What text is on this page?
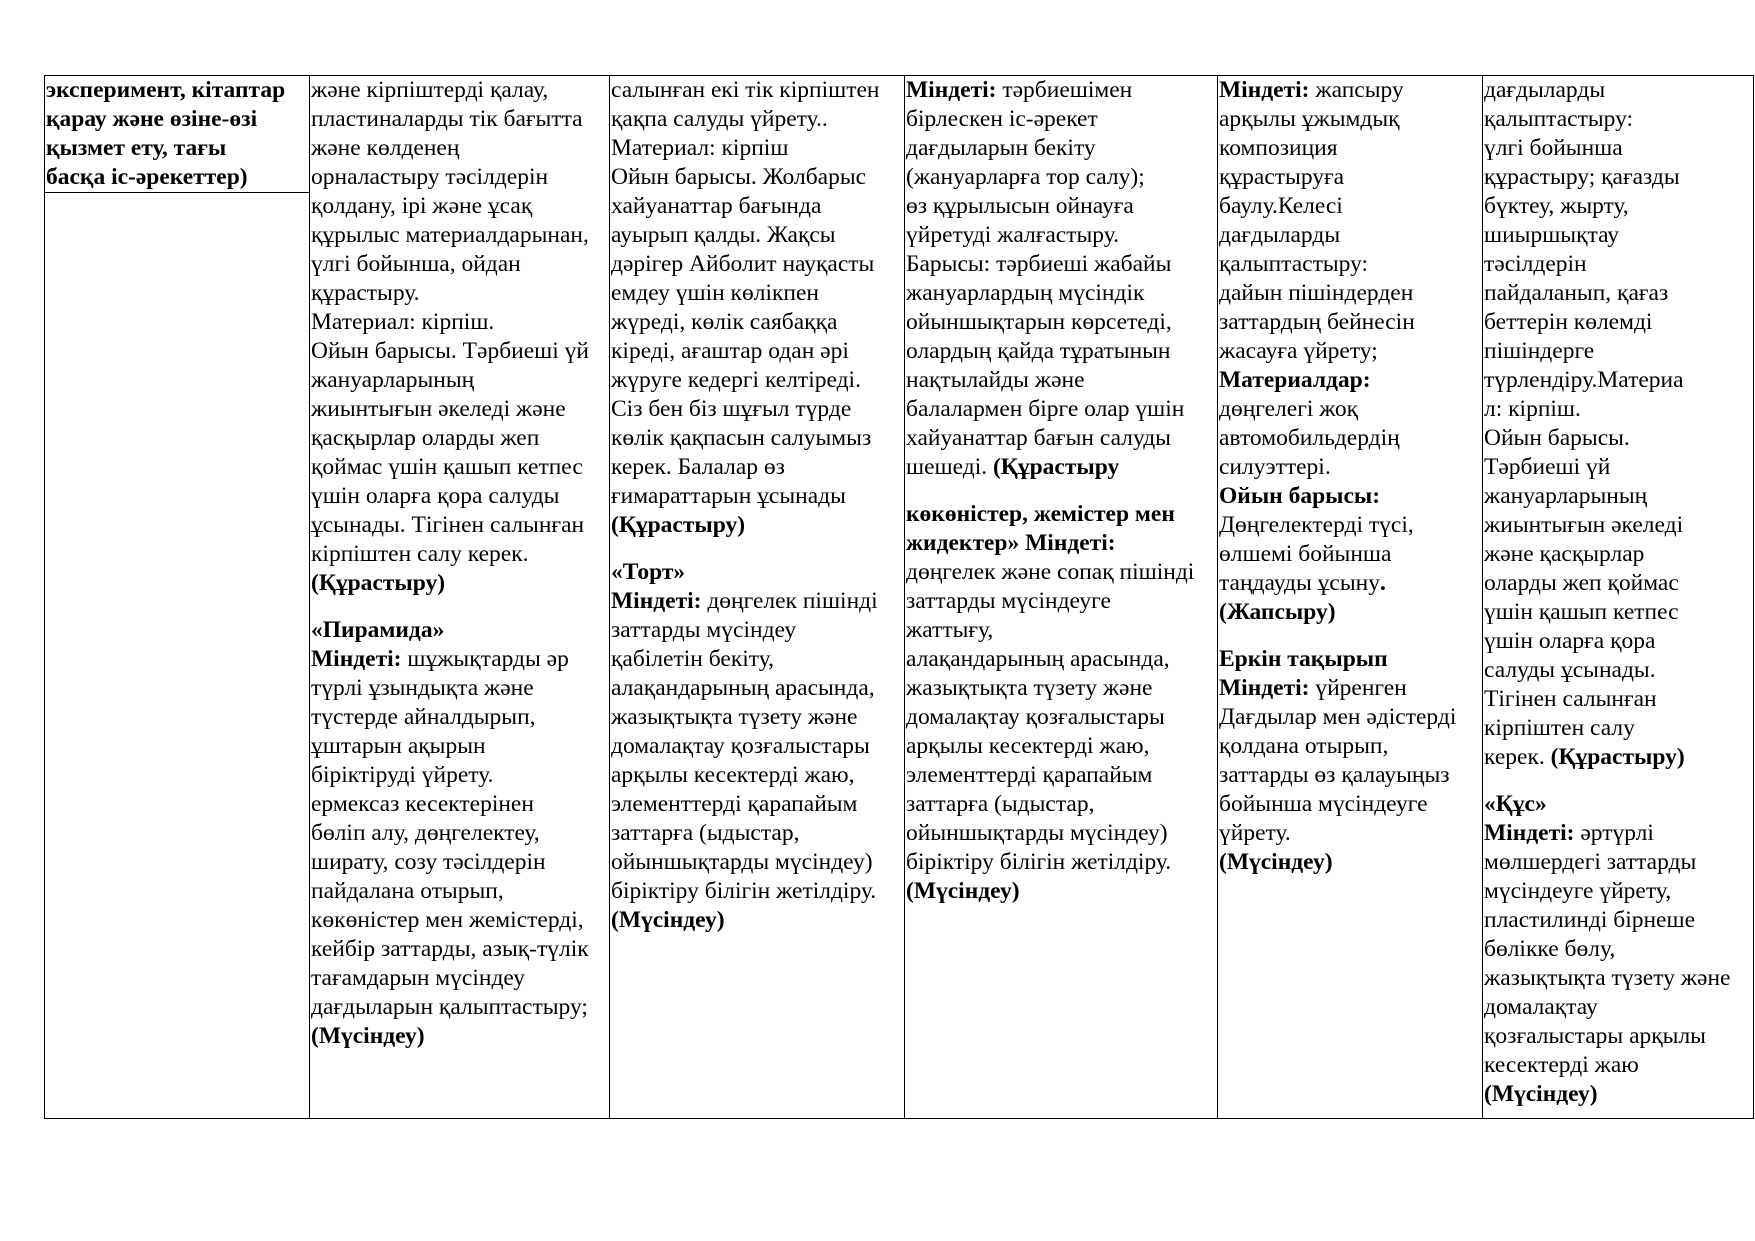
эксперимент, кітаптар
қарау және өзіне-өзі
қызмет ету, тағы
басқа іс-әрекеттер)

және кірпіштерді қалау,
пластиналарды тік бағытта
және көлденең
орналастыру тәсілдерін
қолдану, ірі және ұсақ
құрылыс материалдарынан,
үлгі бойынша, ойдан
құрастыру.
Материал: кірпіш.
Ойын барысы. Тәрбиеші үй
жануарларының
жиынтығын әкеледі және
қасқырлар оларды жеп
қоймас үшін қашып кетпес
үшін оларға қора салуды
ұсынады. Тігінен салынған
кірпіштен салу керек.
(Құрастыру)
«Пирамида»
Міндеті: шұжықтарды әр
түрлі ұзындықта және
түстерде айналдырып,
ұштарын ақырын
біріктіруді үйрету.
ермексаз кесектерінен
бөліп алу, дөңгелектеу,
ширату, созу тәсілдерін
пайдалана отырып,
көкөністер мен жемістерді,
кейбір заттарды, азық-түлік
тағамдарын мүсіндеу
дағдыларын қалыптастыру;
(Мүсіндеу)

салынған екі тік кірпіштен
қақпа салуды үйрету..
Материал: кірпіш
Ойын барысы. Жолбарыс
хайуанаттар бағында
ауырып қалды. Жақсы
дәрігер Айболит науқасты
емдеу үшін көлікпен
жүреді, көлік саябаққа
кіреді, ағаштар одан әрі
жүруге кедергі келтіреді.
Сіз бен біз шұғыл түрде
көлік қақпасын салуымыз
керек. Балалар өз
ғимараттарын ұсынады
(Құрастыру)
«Торт»
Міндеті: дөңгелек пішінді
заттарды мүсіндеу
қабілетін бекіту,
алақандарының арасында,
жазықтықта түзету және
домалақтау қозғалыстары
арқылы кесектерді жаю,
элементтерді қарапайым
заттарға (ыдыстар,
ойыншықтарды мүсіндеу)
біріктіру білігін жетілдіру.
(Мүсіндеу)

Міндеті: тәрбиешімен
бірлескен іс-әрекет
дағдыларын бекіту
(жануарларға тор салу);
өз құрылысын ойнауға
үйретуді жалғастыру.
Барысы: тәрбиеші жабайы
жануарлардың мүсіндік
ойыншықтарын көрсетеді,
олардың қайда тұратынын
нақтылайды және
балалармен бірге олар үшін
хайуанаттар бағын салуды
шешеді. (Құрастыру
көкөністер, жемістер мен
жидектер» Міндеті:
дөңгелек және сопақ пішінді
заттарды мүсіндеуге
жаттығу,
алақандарының арасында,
жазықтықта түзету және
домалақтау қозғалыстары
арқылы кесектерді жаю,
элементтерді қарапайым
заттарға (ыдыстар,
ойыншықтарды мүсіндеу)
біріктіру білігін жетілдіру.
(Мүсіндеу)

Міндеті: жапсыру
арқылы ұжымдық
композиция
құрастыруға
баулу.Келесі
дағдыларды
қалыптастыру:
дайын пішіндерден
заттардың бейнесін
жасауға үйрету;
Материалдар:
дөңгелегі жоқ
автомобильдердің
силуэттері.
Ойын барысы:
Дөңгелектерді түсі,
өлшемі бойынша
таңдауды ұсыну.
(Жапсыру)
Еркін тақырып
Міндеті: үйренген
Дағдылар мен әдістерді
қолдана отырып,
заттарды өз қалауыңыз
бойынша мүсіндеуге
үйрету.
(Мүсіндеу)

дағдыларды
қалыптастыру:
үлгі бойынша
құрастыру; қағазды
бүктеу, жырту,
шиыршықтау
тәсілдерін
пайдаланып, қағаз
беттерін көлемді
пішіндерге
түрлендіру.Материа
л: кірпіш.
Ойын барысы.
Тәрбиеші үй
жануарларының
жиынтығын әкеледі
және қасқырлар
оларды жеп қоймас
үшін қашып кетпес
үшін оларға қора
салуды ұсынады.
Тігінен салынған
кірпіштен салу
керек. (Құрастыру)
«Құс»
Міндеті: әртүрлі
мөлшердегі заттарды
мүсіндеуге үйрету,
пластилинді бірнеше
бөлікке бөлу,
жазықтықта түзету және
домалақтау
қозғалыстары арқылы
кесектерді жаю
(Мүсіндеу)
